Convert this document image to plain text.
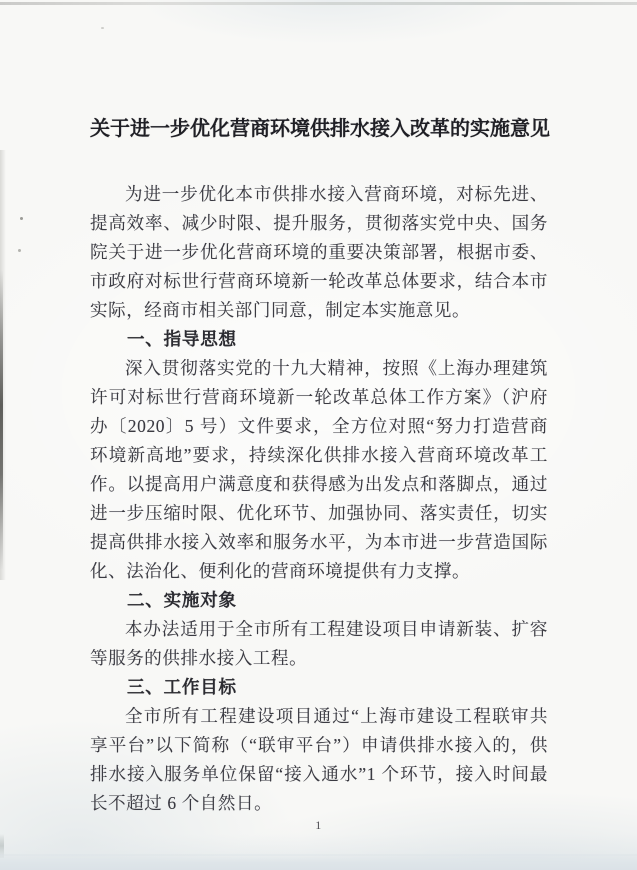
关于进一步优化营商环境供排水接入改革的实施意见

为进一步优化本市供排水接入营商环境，对标先进、提高效率、减少时限、提升服务，贯彻落实党中央、国务院关于进一步优化营商环境的重要决策部署，根据市委、市政府对标世行营商环境新一轮改革总体要求，结合本市实际，经商市相关部门同意，制定本实施意见。

一、指导思想

深入贯彻落实党的十九大精神，按照《上海办理建筑许可对标世行营商环境新一轮改革总体工作方案》（沪府办〔2020〕5 号）文件要求，全方位对照“努力打造营商环境新高地”要求，持续深化供排水接入营商环境改革工作。以提高用户满意度和获得感为出发点和落脚点，通过进一步压缩时限、优化环节、加强协同、落实责任，切实提高供排水接入效率和服务水平，为本市进一步营造国际化、法治化、便利化的营商环境提供有力支撑。

二、实施对象

本办法适用于全市所有工程建设项目申请新装、扩容等服务的供排水接入工程。

三、工作目标

全市所有工程建设项目通过“上海市建设工程联审共享平台”以下简称（“联审平台”）申请供排水接入的，供排水接入服务单位保留“接入通水”1 个环节，接入时间最长不超过 6 个自然日。

1
